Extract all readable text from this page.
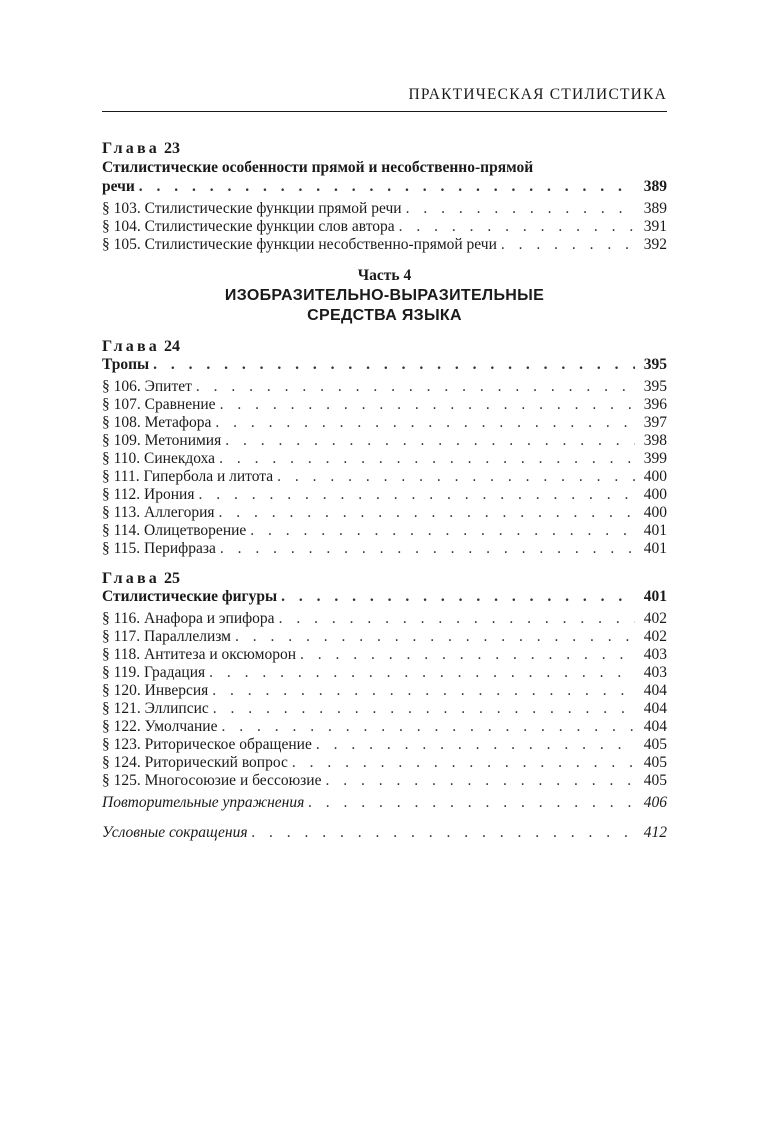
ПРАКТИЧЕСКАЯ СТИЛИСТИКА
Глава 23
Стилистические особенности прямой и несобственно-прямой
речи . . .	389
§ 103. Стилистические функции прямой речи . . .	389
§ 104. Стилистические функции слов автора . . .	391
§ 105. Стилистические функции несобственно-прямой речи . . .	392
Часть 4
ИЗОБРАЗИТЕЛЬНО-ВЫРАЗИТЕЛЬНЫЕ
СРЕДСТВА ЯЗЫКА
Глава 24
Тропы . . .	395
§ 106. Эпитет . . .	395
§ 107. Сравнение . . .	396
§ 108. Метафора . . .	397
§ 109. Метонимия . . .	398
§ 110. Синекдоха . . .	399
§ 111. Гипербола и литота . . .	400
§ 112. Ирония . . .	400
§ 113. Аллегория . . .	400
§ 114. Олицетворение . . .	401
§ 115. Перифраза . . .	401
Глава 25
Стилистические фигуры . . .	401
§ 116. Анафора и эпифора . . .	402
§ 117. Параллелизм . . .	402
§ 118. Антитеза и оксюморон . . .	403
§ 119. Градация . . .	403
§ 120. Инверсия . . .	404
§ 121. Эллипсис . . .	404
§ 122. Умолчание . . .	404
§ 123. Риторическое обращение . . .	405
§ 124. Риторический вопрос . . .	405
§ 125. Многосоюзие и бессоюзие . . .	405
Повторительные упражнения . . .	406
Условные сокращения . . .	412
